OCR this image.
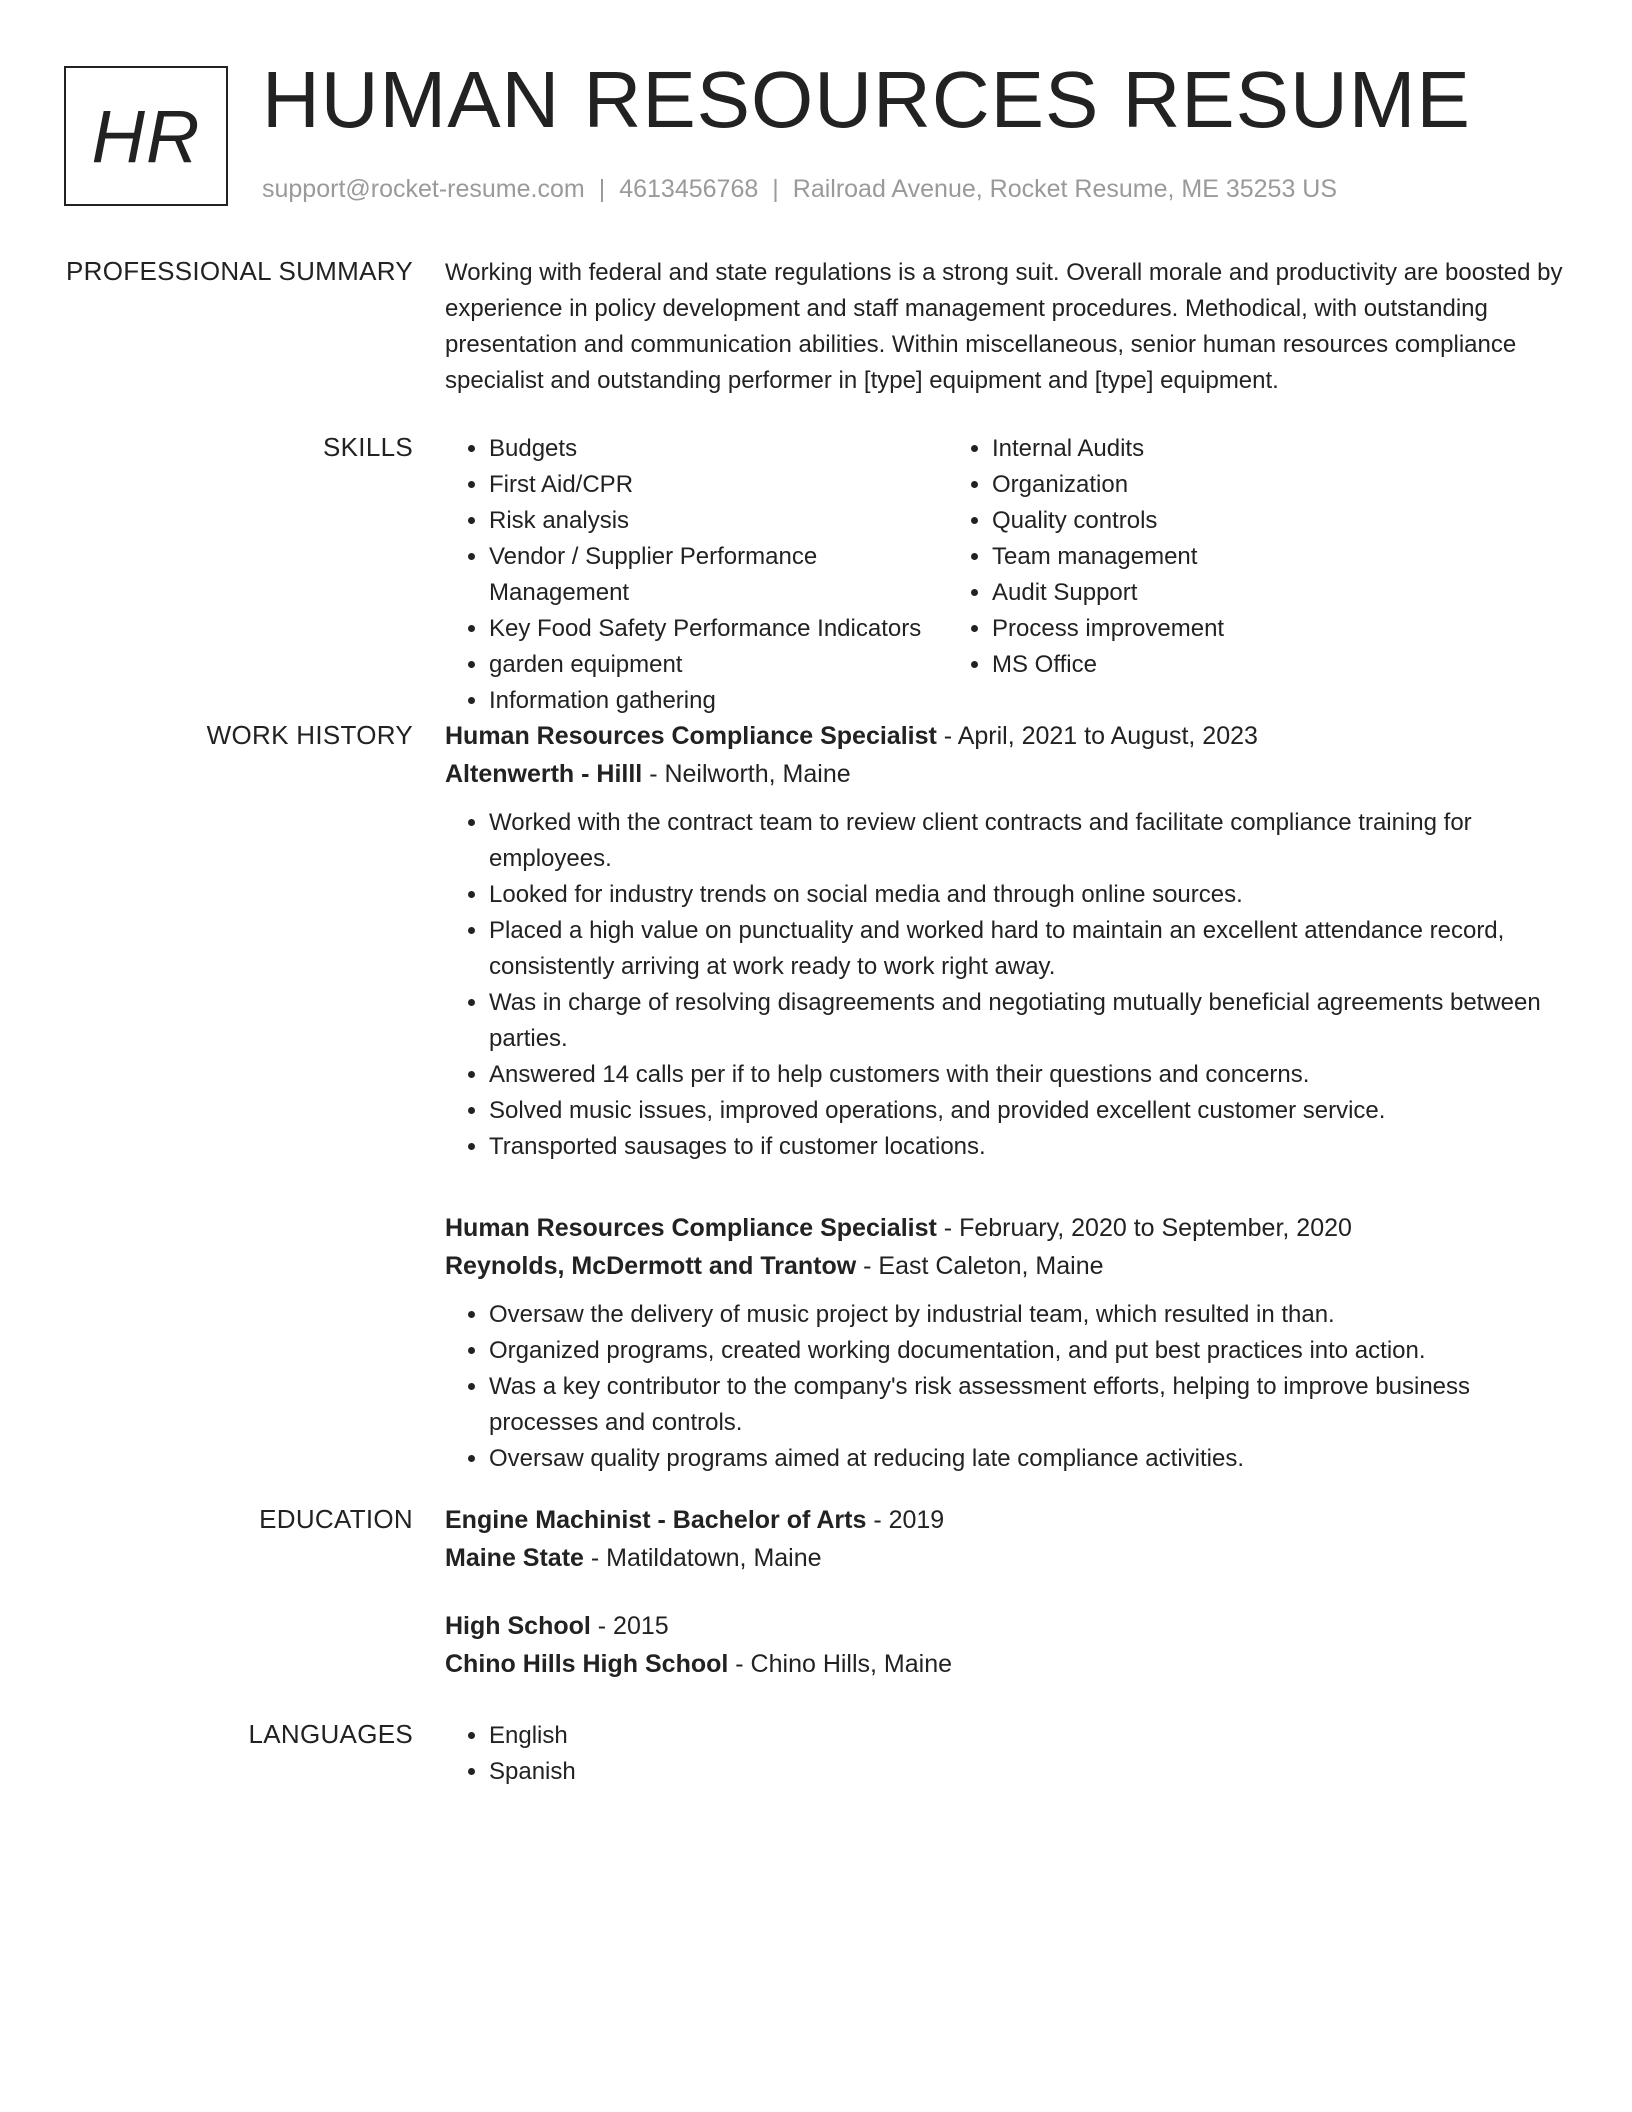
HR HUMAN RESOURCES RESUME
support@rocket-resume.com | 4613456768 | Railroad Avenue, Rocket Resume, ME 35253 US
PROFESSIONAL SUMMARY Working with federal and state regulations is a strong suit. Overall morale and productivity are boosted by experience in policy development and staff management procedures. Methodical, with outstanding presentation and communication abilities. Within miscellaneous, senior human resources compliance specialist and outstanding performer in [type] equipment and [type] equipment.

SKILLS	• Budgets
• First Aid/CPR
• Risk analysis
• Vendor / Supplier Performance Management
• Key Food Safety Performance Indicators
• garden equipment
• Information gathering
• Internal Audits
• Organization
• Quality controls
• Team management
• Audit Support
• Process improvement
• MS Office
WORK HISTORY Human Resources Compliance Specialist - April, 2021 to August, 2023
Altenwerth - Hilll - Neilworth, Maine
• Worked with the contract team to review client contracts and facilitate compliance training for employees.
• Looked for industry trends on social media and through online sources.
• Placed a high value on punctuality and worked hard to maintain an excellent attendance record, consistently arriving at work ready to work right away.
• Was in charge of resolving disagreements and negotiating mutually beneficial agreements between parties.
• Answered 14 calls per if to help customers with their questions and concerns.
• Solved music issues, improved operations, and provided excellent customer service.
• Transported sausages to if customer locations.
Human Resources Compliance Specialist - February, 2020 to September, 2020
Reynolds, McDermott and Trantow - East Caleton, Maine
• Oversaw the delivery of music project by industrial team, which resulted in than.
• Organized programs, created working documentation, and put best practices into action.
• Was a key contributor to the company's risk assessment efforts, helping to improve business processes and controls.
• Oversaw quality programs aimed at reducing late compliance activities.
EDUCATION Engine Machinist - Bachelor of Arts - 2019
Maine State - Matildatown, Maine
High School - 2015
Chino Hills High School - Chino Hills, Maine
LANGUAGES	• English
• Spanish
